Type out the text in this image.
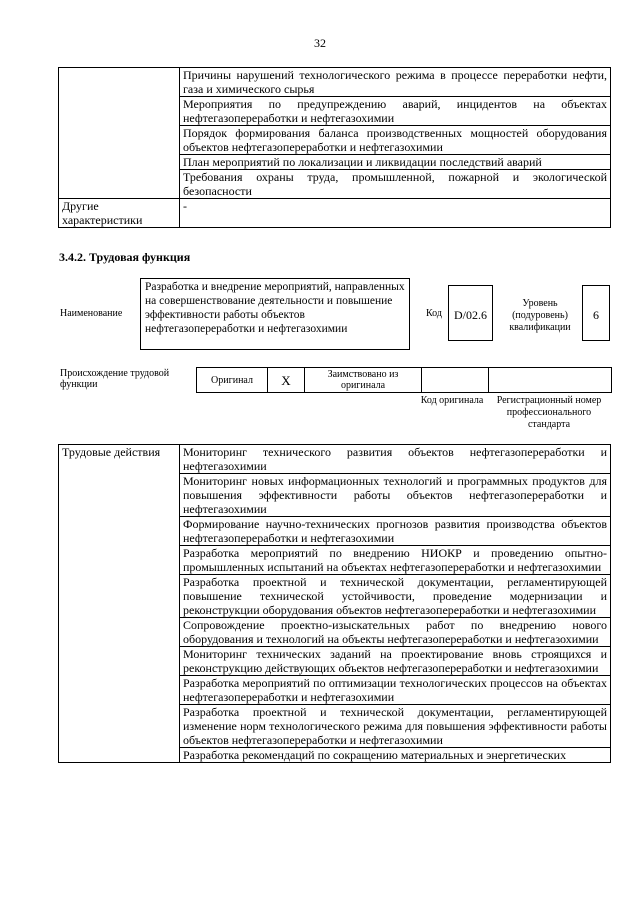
32
	Причины нарушений технологического режима в процессе переработки нефти, газа и химического сырья
	Мероприятия по предупреждению аварий, инцидентов на объектах нефтегазопереработки и нефтегазохимии
	Порядок формирования баланса производственных мощностей оборудования объектов нефтегазопереработки и нефтегазохимии
	План мероприятий по локализации и ликвидации последствий аварий
	Требования охраны труда, промышленной, пожарной и экологической безопасности
Другие характеристики	-
3.4.2. Трудовая функция
Наименование
Разработка и внедрение мероприятий, направленных на совершенствование деятельности и повышение эффективности работы объектов нефтегазопереработки и нефтегазохимии
Код	D/02.6
Уровень (подуровень) квалификации
6
Происхождение трудовой функции	Оригинал	X	Заимствовано из оригинала		
Код оригинала	Регистрационный номер профессионального стандарта
Трудовые действия	Мониторинг технического развития объектов нефтегазопереработки и нефтегазохимии
Мониторинг новых информационных технологий и программных продуктов для повышения эффективности работы объектов нефтегазопереработки и нефтегазохимии
Формирование научно-технических прогнозов развития производства объектов нефтегазопереработки и нефтегазохимии
Разработка мероприятий по внедрению НИОКР и проведению опытно-промышленных испытаний на объектах нефтегазопереработки и нефтегазохимии
Разработка проектной и технической документации, регламентирующей повышение технической устойчивости, проведение модернизации и реконструкции оборудования объектов нефтегазопереработки и нефтегазохимии
Сопровождение проектно-изыскательных работ по внедрению нового оборудования и технологий на объекты нефтегазопереработки и нефтегазохимии
Мониторинг технических заданий на проектирование вновь строящихся и реконструкцию действующих объектов нефтегазопереработки и нефтегазохимии
Разработка мероприятий по оптимизации технологических процессов на объектах нефтегазопереработки и нефтегазохимии
Разработка проектной и технической документации, регламентирующей изменение норм технологического режима для повышения эффективности работы объектов нефтегазопереработки и нефтегазохимии
Разработка рекомендаций по сокращению материальных и энергетических
